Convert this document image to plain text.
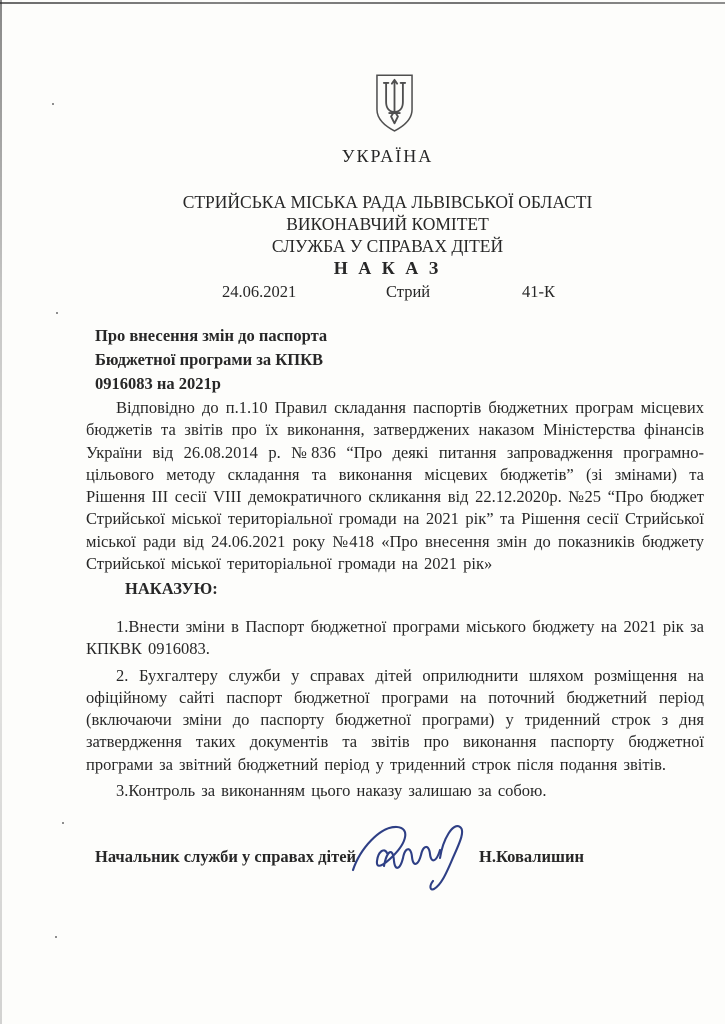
УКРАЇНА
СТРИЙСЬКА МІСЬКА РАДА ЛЬВІВСЬКОЇ ОБЛАСТІ
ВИКОНАВЧИЙ КОМІТЕТ
СЛУЖБА У СПРАВАХ ДІТЕЙ
Н А К А З
24.06.2021	Стрий	41-К
Про внесення змін до паспорта
Бюджетної програми за КПКВ
0916083 на 2021р
Відповідно до п.1.10 Правил складання паспортів бюджетних програм місцевих бюджетів та звітів про їх виконання, затверджених наказом Міністерства фінансів України від 26.08.2014 р. №836 “Про деякі питання запровадження програмно-цільового методу складання та виконання місцевих бюджетів” (зі змінами) та Рішення III сесії VIII демократичного скликання від 22.12.2020р. №25 “Про бюджет Стрийської міської територіальної громади на 2021 рік” та Рішення сесії Стрийської міської ради від 24.06.2021 року №418 «Про внесення змін до показників бюджету Стрийської міської територіальної громади на 2021 рік»
НАКАЗУЮ:

1.Внести зміни в Паспорт бюджетної програми міського бюджету на 2021 рік за КПКВК 0916083.

2. Бухгалтеру служби у справах дітей оприлюднити шляхом розміщення на офіційному сайті паспорт бюджетної програми на поточний бюджетний період (включаючи зміни до паспорту бюджетної програми) у триденний строк з дня затвердження таких документів та звітів про виконання паспорту бюджетної програми за звітний бюджетний період у триденний строк після подання звітів.

3.Контроль за виконанням цього наказу залишаю за собою.

Начальник служби у справах дітей	Н.Ковалишин
